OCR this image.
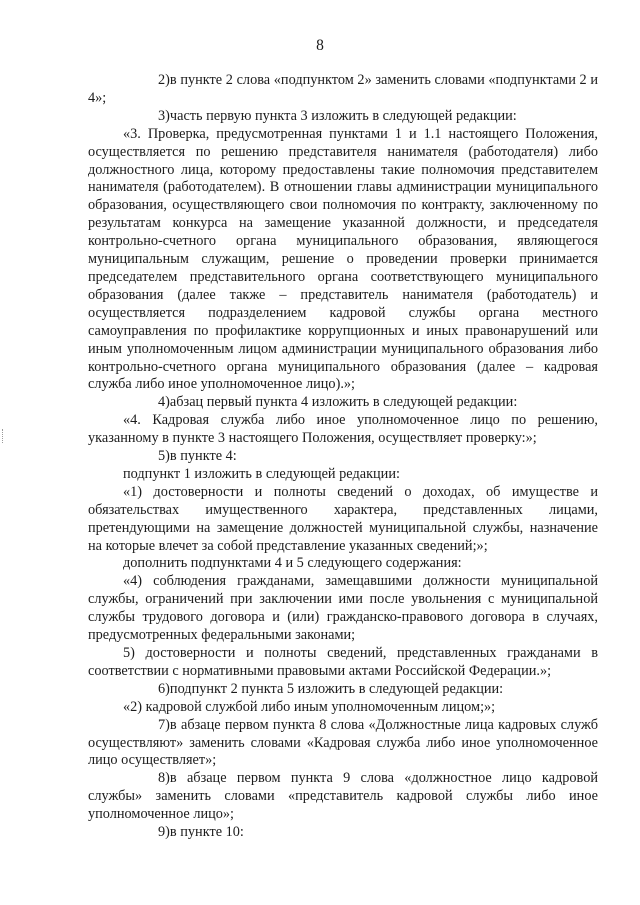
8

2)в пункте 2 слова «подпунктом 2» заменить словами «подпунктами 2 и 4»;

3)часть первую пункта 3 изложить в следующей редакции:

«3. Проверка, предусмотренная пунктами 1 и 1.1 настоящего Положения, осуществляется по решению представителя нанимателя (работодателя) либо должностного лица, которому предоставлены такие полномочия представителем нанимателя (работодателем). В отношении главы администрации муниципального образования, осуществляющего свои полномочия по контракту, заключенному по результатам конкурса на замещение указанной должности, и председателя контрольно-счетного органа муниципального образования, являющегося муниципальным служащим, решение о проведении проверки принимается председателем представительного органа соответствующего муниципального образования (далее также – представитель нанимателя (работодатель) и осуществляется подразделением кадровой службы органа местного самоуправления по профилактике коррупционных и иных правонарушений или иным уполномоченным лицом администрации муниципального образования либо контрольно-счетного органа муниципального образования (далее – кадровая служба либо иное уполномоченное лицо).»;

4)абзац первый пункта 4 изложить в следующей редакции:

«4. Кадровая служба либо иное уполномоченное лицо по решению, указанному в пункте 3 настоящего Положения, осуществляет проверку:»;

5)в пункте 4:

подпункт 1 изложить в следующей редакции:

«1) достоверности и полноты сведений о доходах, об имуществе и обязательствах имущественного характера, представленных лицами, претендующими на замещение должностей муниципальной службы, назначение на которые влечет за собой представление указанных сведений;»;

дополнить подпунктами 4 и 5 следующего содержания:

«4) соблюдения гражданами, замещавшими должности муниципальной службы, ограничений при заключении ими после увольнения с муниципальной службы трудового договора и (или) гражданско-правового договора в случаях, предусмотренных федеральными законами;

5) достоверности и полноты сведений, представленных гражданами в соответствии с нормативными правовыми актами Российской Федерации.»;

6)подпункт 2 пункта 5 изложить в следующей редакции:

«2) кадровой службой либо иным уполномоченным лицом;»;

7)в абзаце первом пункта 8 слова «Должностные лица кадровых служб осуществляют» заменить словами «Кадровая служба либо иное уполномоченное лицо осуществляет»;

8)в абзаце первом пункта 9 слова «должностное лицо кадровой службы» заменить словами «представитель кадровой службы либо иное уполномоченное лицо»;

9)в пункте 10:
